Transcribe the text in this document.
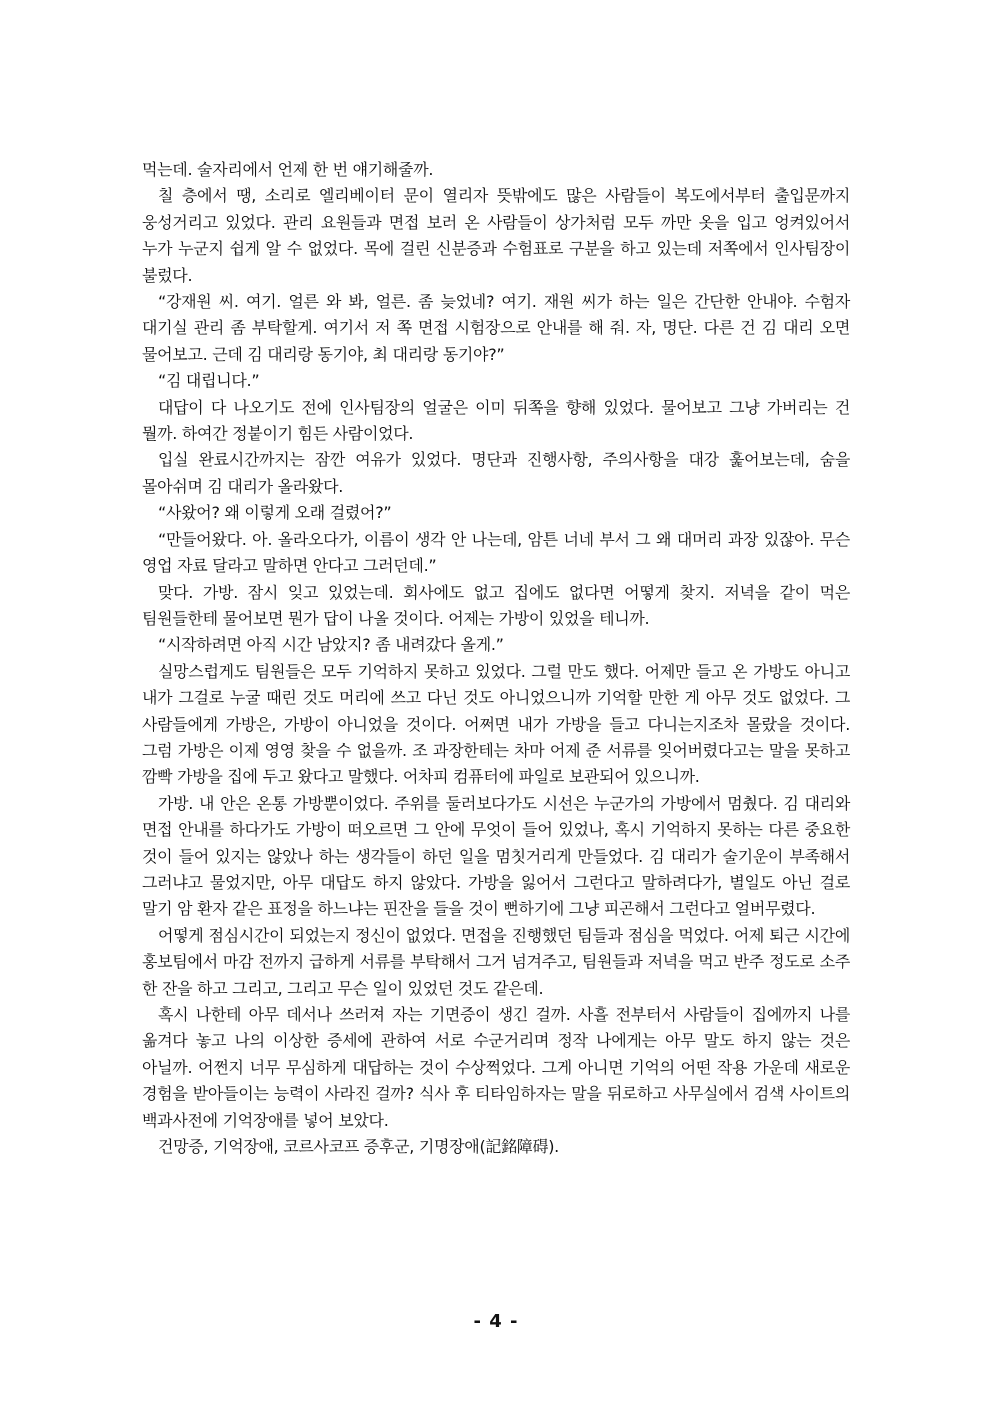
먹는데. 술자리에서 언제 한 번 얘기해줄까.

칠 층에서 땡, 소리로 엘리베이터 문이 열리자 뜻밖에도 많은 사람들이 복도에서부터 출입문까지 웅성거리고 있었다. 관리 요원들과 면접 보러 온 사람들이 상가처럼 모두 까만 옷을 입고 엉켜있어서 누가 누군지 쉽게 알 수 없었다. 목에 걸린 신분증과 수험표로 구분을 하고 있는데 저쪽에서 인사팀장이 불렀다.

“강재원 씨. 여기. 얼른 와 봐, 얼른. 좀 늦었네? 여기. 재원 씨가 하는 일은 간단한 안내야. 수험자 대기실 관리 좀 부탁할게. 여기서 저 쪽 면접 시험장으로 안내를 해 줘. 자, 명단. 다른 건 김 대리 오면 물어보고. 근데 김 대리랑 동기야, 최 대리랑 동기야?”

“김 대립니다.”

대답이 다 나오기도 전에 인사팀장의 얼굴은 이미 뒤쪽을 향해 있었다. 물어보고 그냥 가버리는 건 뭘까. 하여간 정붙이기 힘든 사람이었다.

입실 완료시간까지는 잠깐 여유가 있었다. 명단과 진행사항, 주의사항을 대강 훑어보는데, 숨을 몰아쉬며 김 대리가 올라왔다.

“사왔어? 왜 이렇게 오래 걸렸어?”

“만들어왔다. 아. 올라오다가, 이름이 생각 안 나는데, 암튼 너네 부서 그 왜 대머리 과장 있잖아. 무슨 영업 자료 달라고 말하면 안다고 그러던데.”

맞다. 가방. 잠시 잊고 있었는데. 회사에도 없고 집에도 없다면 어떻게 찾지. 저녁을 같이 먹은 팀원들한테 물어보면 뭔가 답이 나올 것이다. 어제는 가방이 있었을 테니까.

“시작하려면 아직 시간 남았지? 좀 내려갔다 올게.”

실망스럽게도 팀원들은 모두 기억하지 못하고 있었다. 그럴 만도 했다. 어제만 들고 온 가방도 아니고 내가 그걸로 누굴 때린 것도 머리에 쓰고 다닌 것도 아니었으니까 기억할 만한 게 아무 것도 없었다. 그 사람들에게 가방은, 가방이 아니었을 것이다. 어쩌면 내가 가방을 들고 다니는지조차 몰랐을 것이다. 그럼 가방은 이제 영영 찾을 수 없을까. 조 과장한테는 차마 어제 준 서류를 잊어버렸다고는 말을 못하고 깜빡 가방을 집에 두고 왔다고 말했다. 어차피 컴퓨터에 파일로 보관되어 있으니까.

가방. 내 안은 온통 가방뿐이었다. 주위를 둘러보다가도 시선은 누군가의 가방에서 멈췄다. 김 대리와 면접 안내를 하다가도 가방이 떠오르면 그 안에 무엇이 들어 있었나, 혹시 기억하지 못하는 다른 중요한 것이 들어 있지는 않았나 하는 생각들이 하던 일을 멈칫거리게 만들었다. 김 대리가 술기운이 부족해서 그러냐고 물었지만, 아무 대답도 하지 않았다. 가방을 잃어서 그런다고 말하려다가, 별일도 아닌 걸로 말기 암 환자 같은 표정을 하느냐는 핀잔을 들을 것이 뻔하기에 그냥 피곤해서 그런다고 얼버무렸다.

어떻게 점심시간이 되었는지 정신이 없었다. 면접을 진행했던 팀들과 점심을 먹었다. 어제 퇴근 시간에 홍보팀에서 마감 전까지 급하게 서류를 부탁해서 그거 넘겨주고, 팀원들과 저녁을 먹고 반주 정도로 소주 한 잔을 하고 그리고, 그리고 무슨 일이 있었던 것도 같은데.

혹시 나한테 아무 데서나 쓰러져 자는 기면증이 생긴 걸까. 사흘 전부터서 사람들이 집에까지 나를 옮겨다 놓고 나의 이상한 증세에 관하여 서로 수군거리며 정작 나에게는 아무 말도 하지 않는 것은 아닐까. 어쩐지 너무 무심하게 대답하는 것이 수상쩍었다. 그게 아니면 기억의 어떤 작용 가운데 새로운 경험을 받아들이는 능력이 사라진 걸까? 식사 후 티타임하자는 말을 뒤로하고 사무실에서 검색 사이트의 백과사전에 기억장애를 넣어 보았다.

건망증, 기억장애, 코르사코프 증후군, 기명장애(記銘障碍).

- 4 -
